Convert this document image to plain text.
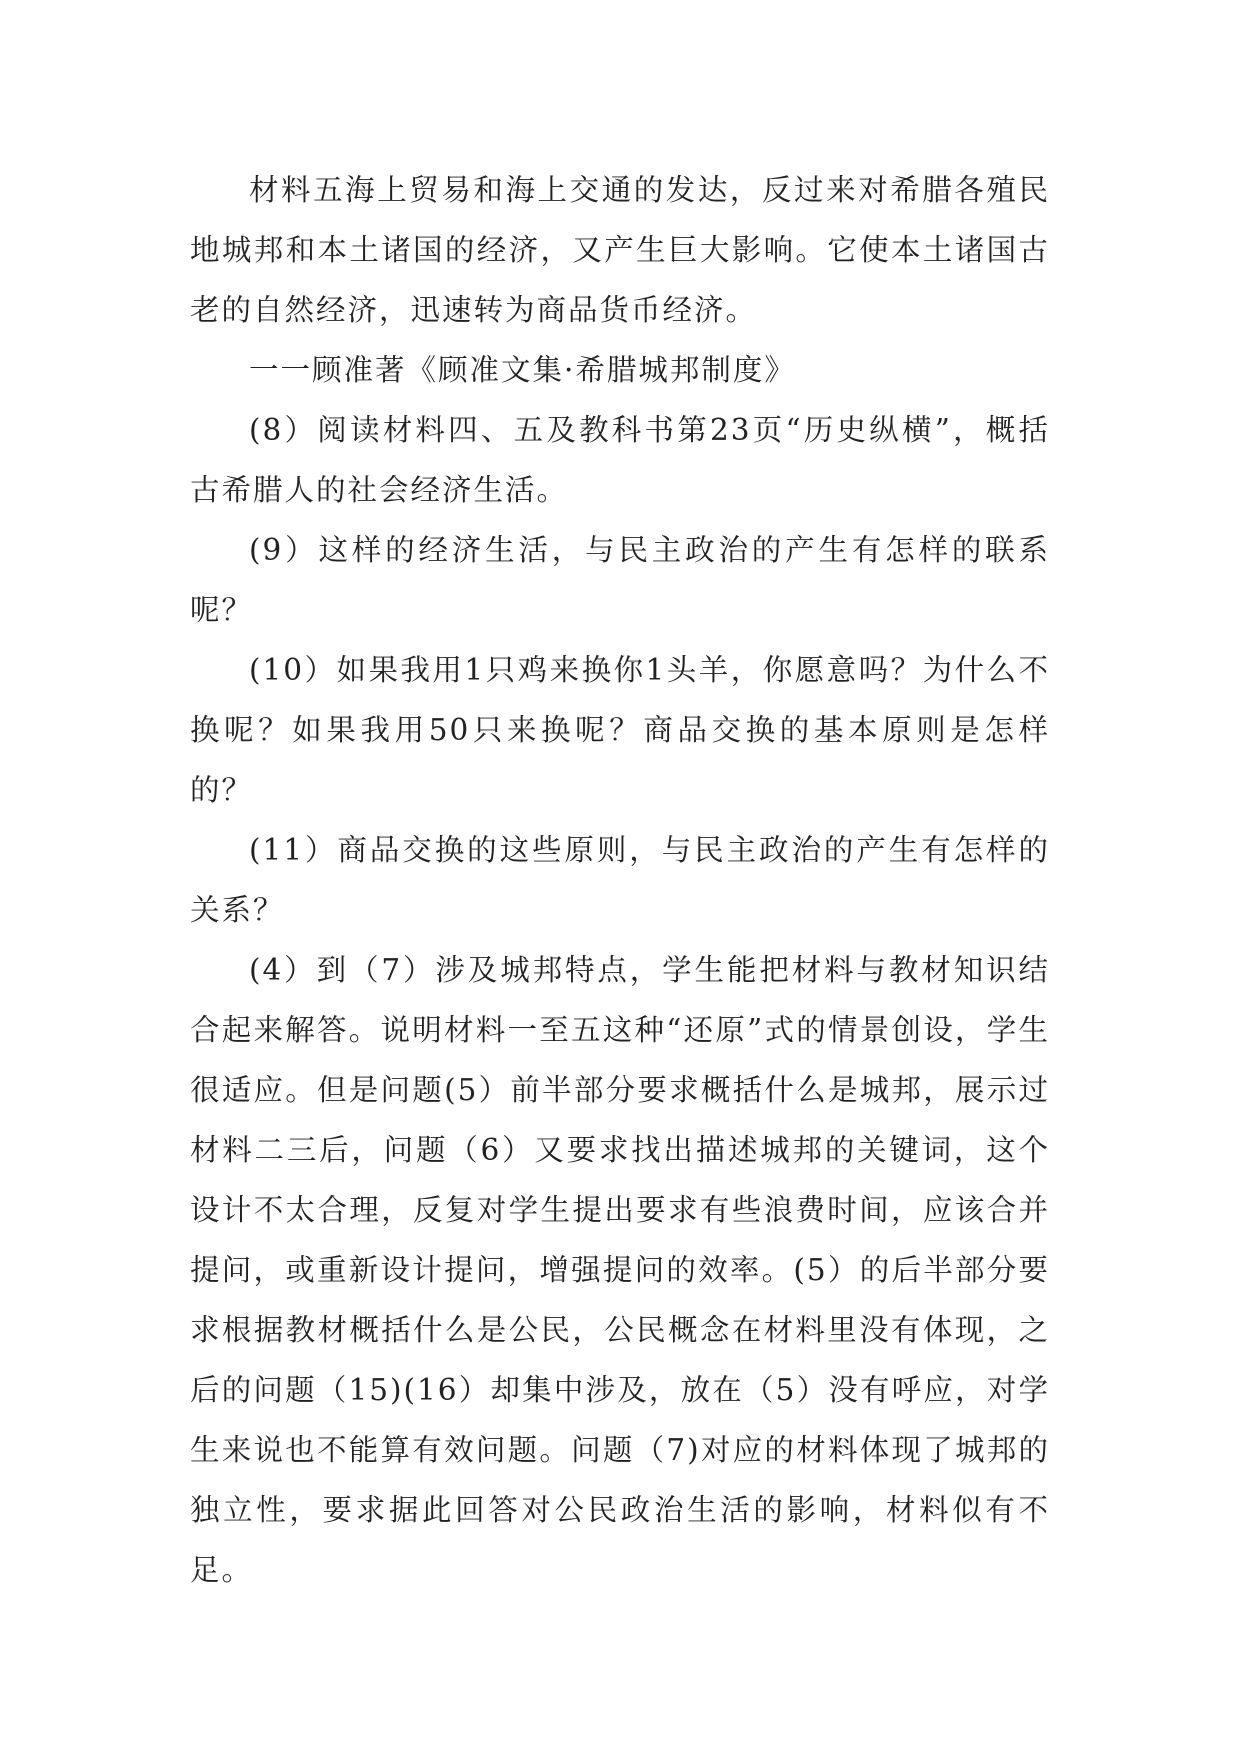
材料五海上贸易和海上交通的发达，反过来对希腊各殖民地城邦和本土诸国的经济，又产生巨大影响。它使本土诸国古老的自然经济，迅速转为商品货币经济。

一一顾准著《顾准文集·希腊城邦制度》

(8）阅读材料四、五及教科书第23页“历史纵横”，概括古希腊人的社会经济生活。

(9）这样的经济生活，与民主政治的产生有怎样的联系呢？

(10）如果我用1只鸡来换你1头羊，你愿意吗？为什么不换呢？如果我用50只来换呢？商品交换的基本原则是怎样的？

(11）商品交换的这些原则，与民主政治的产生有怎样的关系？

(4）到（7）涉及城邦特点，学生能把材料与教材知识结合起来解答。说明材料一至五这种“还原”式的情景创设，学生很适应。但是问题(5）前半部分要求概括什么是城邦，展示过材料二三后，问题（6）又要求找出描述城邦的关键词，这个设计不太合理，反复对学生提出要求有些浪费时间，应该合并提问，或重新设计提问，增强提问的效率。(5）的后半部分要求根据教材概括什么是公民，公民概念在材料里没有体现，之后的问题（15)(16）却集中涉及，放在（5）没有呼应，对学生来说也不能算有效问题。问题（7)对应的材料体现了城邦的独立性，要求据此回答对公民政治生活的影响，材料似有不足。
